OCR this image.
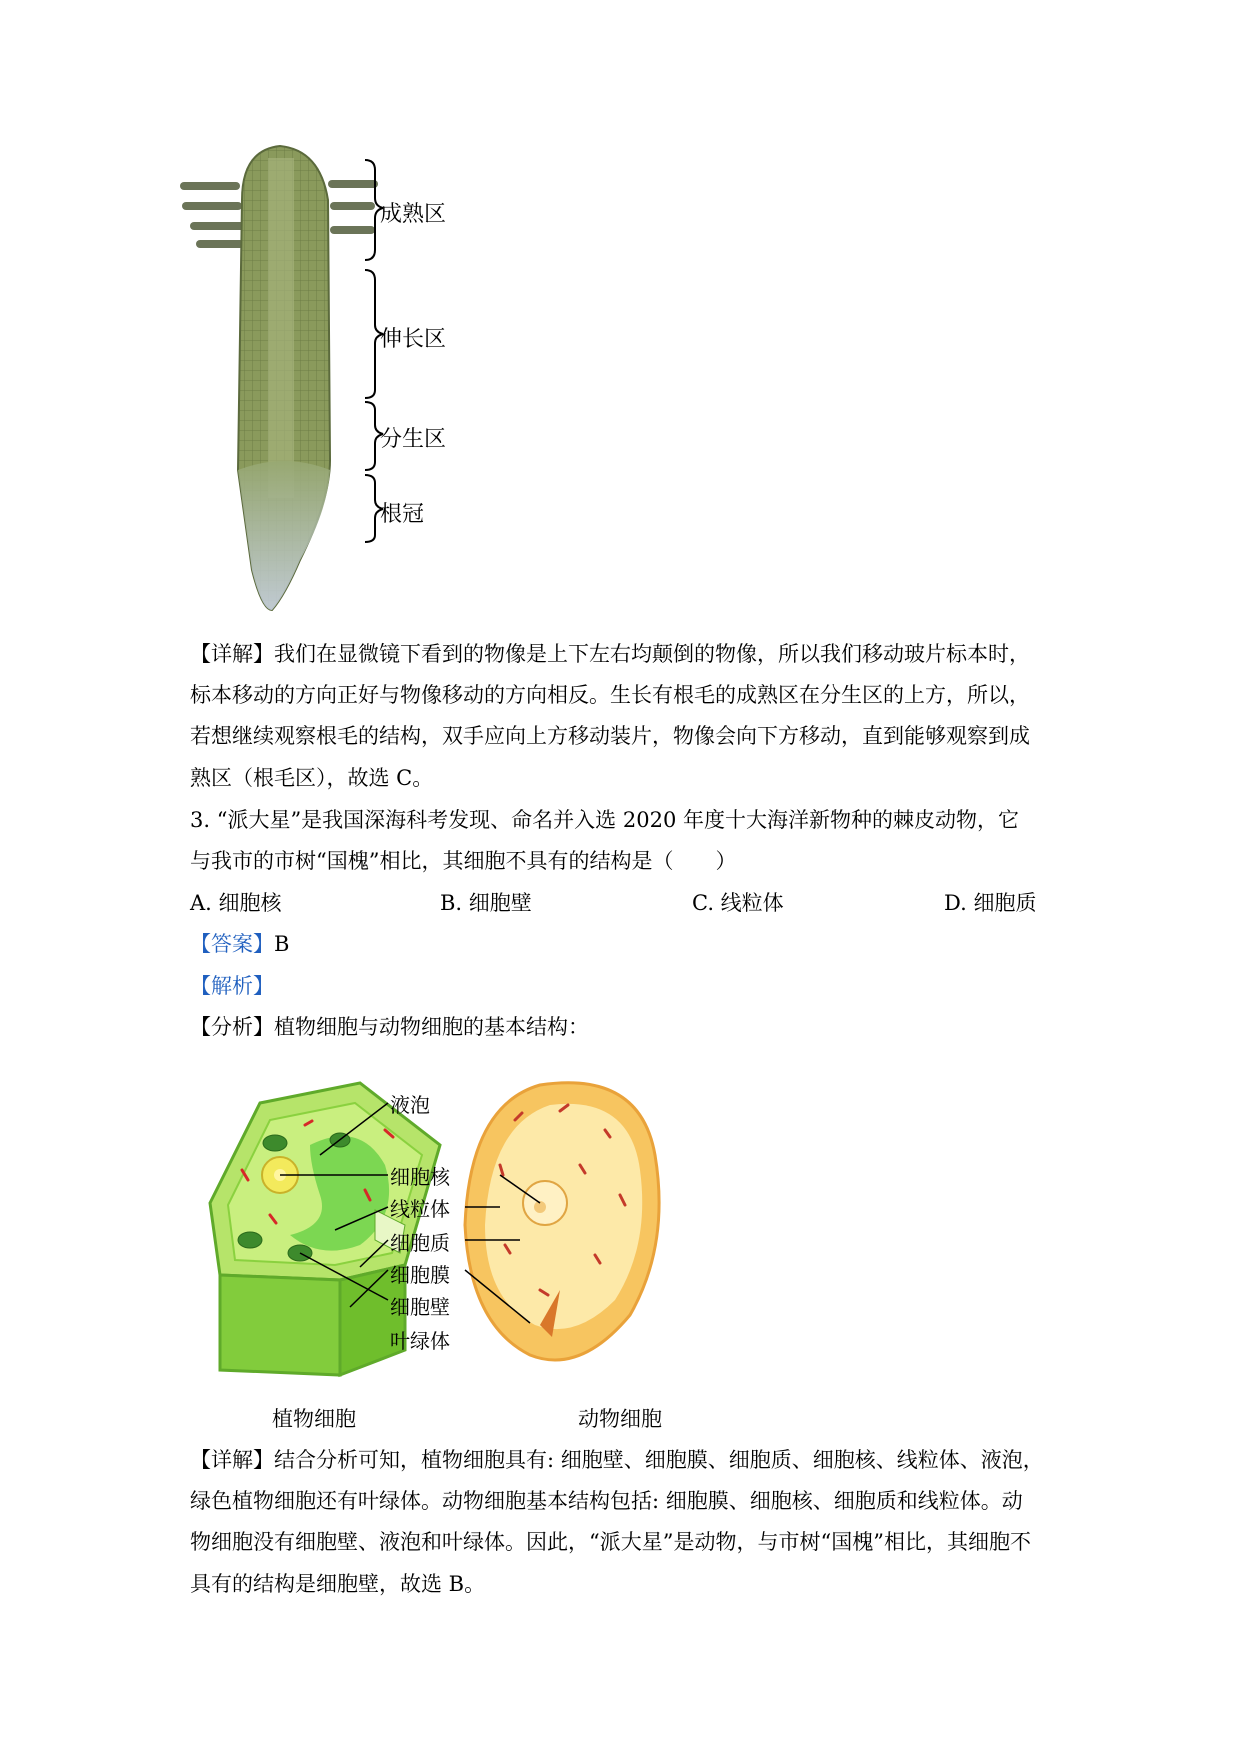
成熟区
伸长区
分生区
根冠
【详解】我们在显微镜下看到的物像是上下左右均颠倒的物像，所以我们移动玻片标本时，
标本移动的方向正好与物像移动的方向相反。生长有根毛的成熟区在分生区的上方，所以，
若想继续观察根毛的结构，双手应向上方移动装片，物像会向下方移动，直到能够观察到成
熟区（根毛区），故选 C。
3. “派大星”是我国深海科考发现、命名并入选 2020 年度十大海洋新物种的棘皮动物，它
与我市的市树“国槐”相比，其细胞不具有的结构是（　　）
A. 细胞核	B. 细胞壁	C. 线粒体	D. 细胞质
【答案】B
【解析】
【分析】植物细胞与动物细胞的基本结构：
液泡
细胞核
线粒体
细胞质
细胞膜
细胞壁
叶绿体
植物细胞	动物细胞
【详解】结合分析可知，植物细胞具有: 细胞壁、细胞膜、细胞质、细胞核、线粒体、液泡，
绿色植物细胞还有叶绿体。动物细胞基本结构包括: 细胞膜、细胞核、细胞质和线粒体。动
物细胞没有细胞壁、液泡和叶绿体。因此，“派大星”是动物，与市树“国槐”相比，其细胞不
具有的结构是细胞壁，故选 B。
